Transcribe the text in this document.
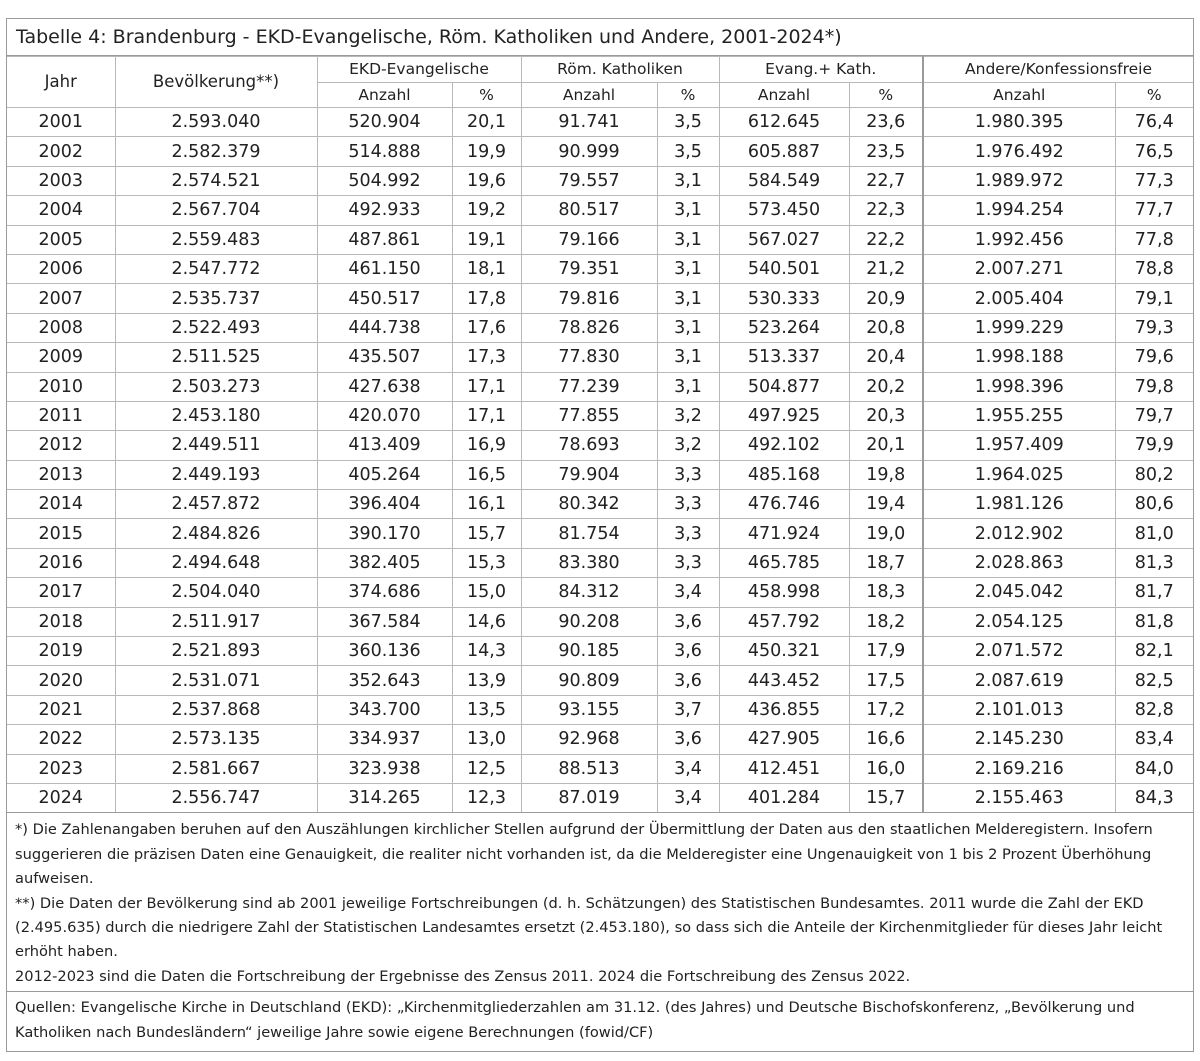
Tabelle 4: Brandenburg - EKD-Evangelische, Röm. Katholiken und Andere, 2001-2024*)
Jahr	Bevölkerung**)	EKD-Evangelische		Röm. Katholiken		Evang.+ Kath.		Andere/Konfessionsfreie	
		Anzahl	%	Anzahl	%	Anzahl	%	Anzahl	%
2001	2.593.040	520.904	20,1	91.741	3,5	612.645	23,6	1.980.395	76,4
2002	2.582.379	514.888	19,9	90.999	3,5	605.887	23,5	1.976.492	76,5
2003	2.574.521	504.992	19,6	79.557	3,1	584.549	22,7	1.989.972	77,3
2004	2.567.704	492.933	19,2	80.517	3,1	573.450	22,3	1.994.254	77,7
2005	2.559.483	487.861	19,1	79.166	3,1	567.027	22,2	1.992.456	77,8
2006	2.547.772	461.150	18,1	79.351	3,1	540.501	21,2	2.007.271	78,8
2007	2.535.737	450.517	17,8	79.816	3,1	530.333	20,9	2.005.404	79,1
2008	2.522.493	444.738	17,6	78.826	3,1	523.264	20,8	1.999.229	79,3
2009	2.511.525	435.507	17,3	77.830	3,1	513.337	20,4	1.998.188	79,6
2010	2.503.273	427.638	17,1	77.239	3,1	504.877	20,2	1.998.396	79,8
2011	2.453.180	420.070	17,1	77.855	3,2	497.925	20,3	1.955.255	79,7
2012	2.449.511	413.409	16,9	78.693	3,2	492.102	20,1	1.957.409	79,9
2013	2.449.193	405.264	16,5	79.904	3,3	485.168	19,8	1.964.025	80,2
2014	2.457.872	396.404	16,1	80.342	3,3	476.746	19,4	1.981.126	80,6
2015	2.484.826	390.170	15,7	81.754	3,3	471.924	19,0	2.012.902	81,0
2016	2.494.648	382.405	15,3	83.380	3,3	465.785	18,7	2.028.863	81,3
2017	2.504.040	374.686	15,0	84.312	3,4	458.998	18,3	2.045.042	81,7
2018	2.511.917	367.584	14,6	90.208	3,6	457.792	18,2	2.054.125	81,8
2019	2.521.893	360.136	14,3	90.185	3,6	450.321	17,9	2.071.572	82,1
2020	2.531.071	352.643	13,9	90.809	3,6	443.452	17,5	2.087.619	82,5
2021	2.537.868	343.700	13,5	93.155	3,7	436.855	17,2	2.101.013	82,8
2022	2.573.135	334.937	13,0	92.968	3,6	427.905	16,6	2.145.230	83,4
2023	2.581.667	323.938	12,5	88.513	3,4	412.451	16,0	2.169.216	84,0
2024	2.556.747	314.265	12,3	87.019	3,4	401.284	15,7	2.155.463	84,3

*) Die Zahlenangaben beruhen auf den Auszählungen kirchlicher Stellen aufgrund der Übermittlung der Daten aus den staatlichen Melderegistern. Insofern suggerieren die präzisen Daten eine Genauigkeit, die realiter nicht vorhanden ist, da die Melderegister eine Ungenauigkeit von 1 bis 2 Prozent Überhöhung aufweisen.

**) Die Daten der Bevölkerung sind ab 2001 jeweilige Fortschreibungen (d. h. Schätzungen) des Statistischen Bundesamtes. 2011 wurde die Zahl der EKD (2.495.635) durch die niedrigere Zahl der Statistischen Landesamtes ersetzt (2.453.180), so dass sich die Anteile der Kirchenmitglieder für dieses Jahr leicht erhöht haben.

2012-2023 sind die Daten die Fortschreibung der Ergebnisse des Zensus 2011. 2024 die Fortschreibung des Zensus 2022.

Quellen: Evangelische Kirche in Deutschland (EKD): „Kirchenmitgliederzahlen am 31.12. (des Jahres) und Deutsche Bischofskonferenz, „Bevölkerung und Katholiken nach Bundesländern“ jeweilige Jahre sowie eigene Berechnungen (fowid/CF)
